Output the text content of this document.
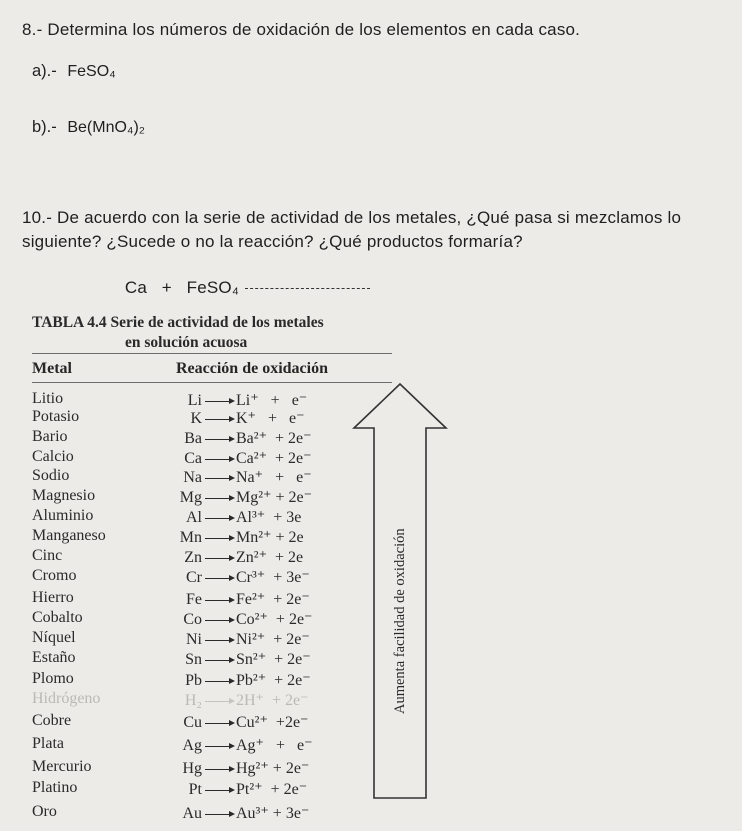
8.- Determina los números de oxidación de los elementos en cada caso.
a).- FeSO₄
b).- Be(MnO₄)₂
10.- De acuerdo con la serie de actividad de los metales, ¿Qué pasa si mezclamos lo
siguiente? ¿Sucede o no la reacción? ¿Qué productos formaría?

Ca   +   FeSO₄

TABLA 4.4 Serie de actividad de los metales
en solución acuosa
Metal	Reacción de oxidación
Litio	Li → Li⁺   +   e⁻
Potasio	K → K⁺   +   e⁻
Bario	Ba → Ba²⁺  + 2e⁻
Calcio	Ca → Ca²⁺  + 2e⁻
Sodio	Na → Na⁺   +   e⁻
Magnesio	Mg → Mg²⁺ + 2e⁻
Aluminio	Al → Al³⁺  + 3e
Manganeso	Mn → Mn²⁺ + 2e
Cinc	Zn → Zn²⁺  + 2e
Cromo	Cr → Cr³⁺  + 3e⁻
Hierro	Fe → Fe²⁺  + 2e⁻
Cobalto	Co → Co²⁺  + 2e⁻
Níquel	Ni → Ni²⁺  + 2e⁻
Estaño	Sn → Sn²⁺  + 2e⁻
Plomo	Pb → Pb²⁺  + 2e⁻
Hidrógeno	H₂ → 2H⁺  + 2e⁻
Cobre	Cu → Cu²⁺  +2e⁻
Plata	Ag → Ag⁺   +   e⁻
Mercurio	Hg → Hg²⁺ + 2e⁻
Platino	Pt → Pt²⁺  + 2e⁻
Oro	Au → Au³⁺ + 3e⁻
Aumenta facilidad de oxidación
